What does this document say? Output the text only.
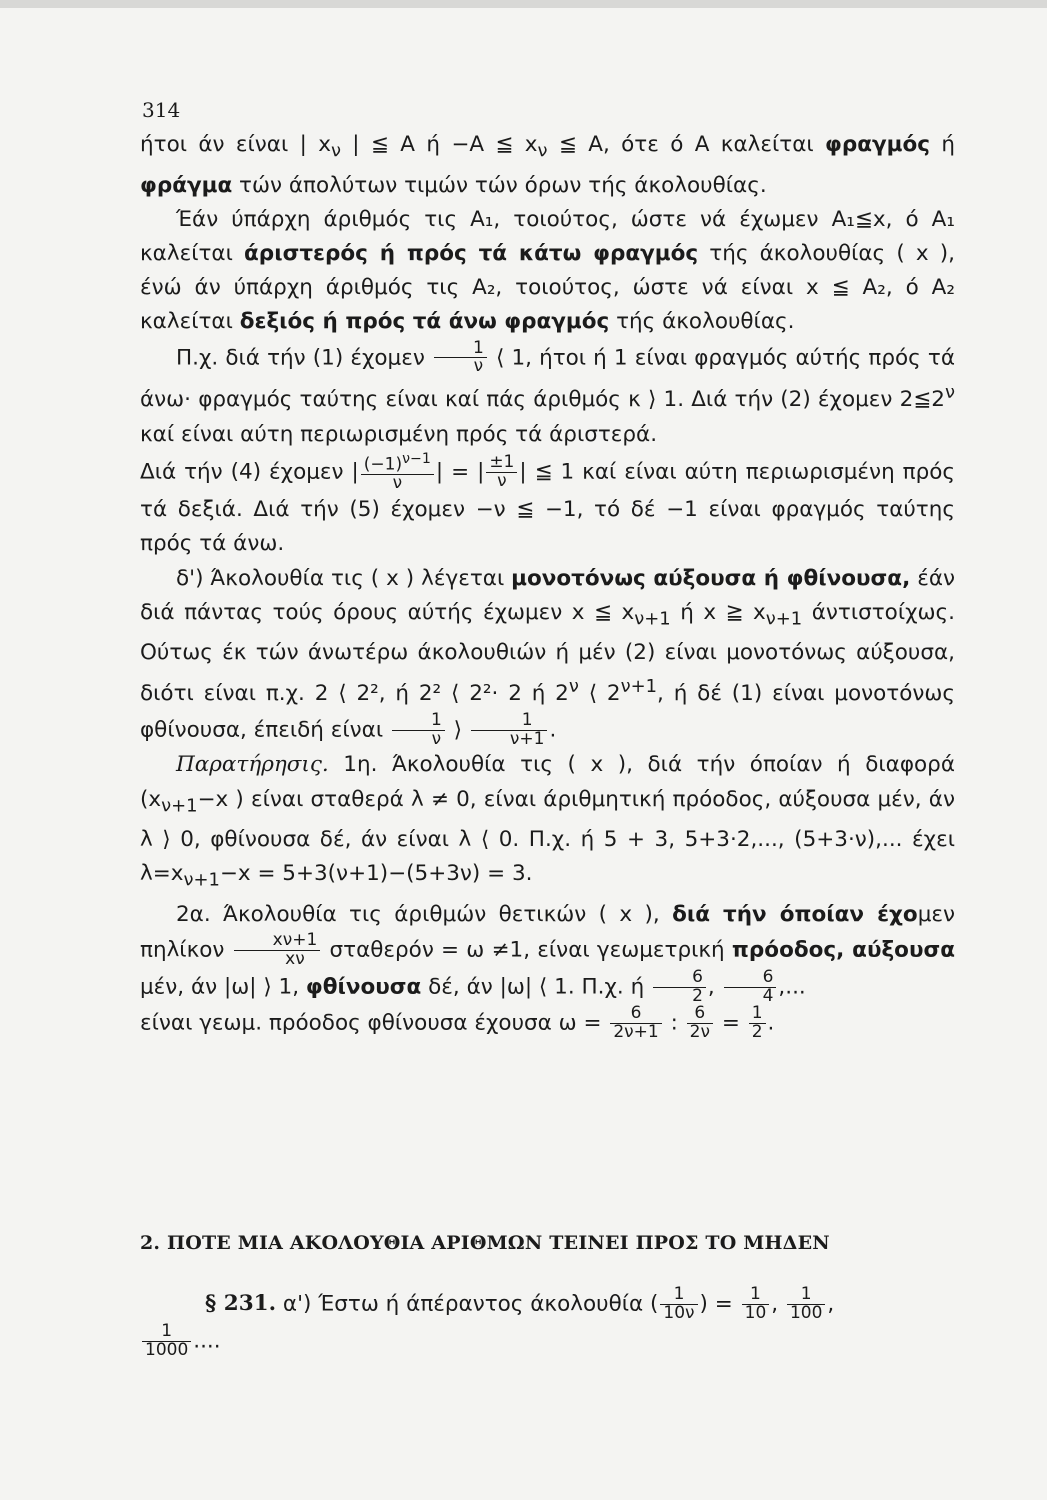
314

ήτοι άν είναι | $x_\nu$ | ≦ A ή −A ≦ $x_\nu$ ≦ A, ότε ό A καλείται φραγμός ή φράγμα τών άπολύτων τιμών τών όρων τής άκολουθίας.

Έάν ύπάρχη άριθμός τις A₁, τοιούτος, ώστε νά έχωμεν A₁≦x, ό A₁ καλείται άριστερός ή πρός τά κάτω φραγμός τής άκολουθίας ( x ), ένώ άν ύπάρχη άριθμός τις A₂, τοιούτος, ώστε νά είναι x ≦ A₂, ό A₂ καλείται δεξιός ή πρός τά άνω φραγμός τής άκολουθίας.

Π.χ. διά τήν (1) έχομεν $\frac{1}{\nu}$ ⟨ 1, ήτοι ή 1 είναι φραγμός αύτής πρός τά άνω· φραγμός ταύτης είναι καί πάς άριθμός κ ⟩ 1. Διά τήν (2) έχομεν $2≦2^\nu$ καί είναι αύτη περιωρισμένη πρός τά άριστερά.

Διά τήν (4) έχομεν | $\frac{(-1)^{\nu-1}}{\nu}$ | = | $\frac{\pm 1}{\nu}$ | ≦ 1 καί είναι αύτη περιωρισμένη πρός τά δεξιά. Διά τήν (5) έχομεν −ν ≦ −1, τό δέ −1 είναι φραγμός ταύτης πρός τά άνω.

δ') Άκολουθία τις ( x ) λέγεται μονοτόνως αύξουσα ή φθίνουσα, έάν διά πάντας τούς όρους αύτής έχωμεν x ≦ $x_{\nu+1}$ ή x ≧ $x_{\nu+1}$ άντιστοίχως. Ούτως έκ τών άνωτέρω άκολουθιών ή μέν (2) είναι μονοτόνως αύξουσα, διότι είναι π.χ. 2 ⟨ 2², ή 2² ⟨ 2²· 2 ή $2^\nu$ ⟨ $2^{\nu+1}$, ή δέ (1) είναι μονοτόνως φθίνουσα, έπειδή είναι $\frac{1}{\nu}$ ⟩ $\frac{1}{\nu+1}$ .

Παρατήρησις. 1η. Άκολουθία τις ( x ), διά τήν όποίαν ή διαφορά ($x_{\nu+1}-x$ ) είναι σταθερά λ ≠ 0, είναι άριθμητική πρόοδος, αύξουσα μέν, άν λ ⟩ 0, φθίνουσα δέ, άν είναι λ ⟨ 0. Π.χ. ή 5 + 3, 5+3·2,..., (5+3·ν),... έχει $\lambda=x_{\nu+1}-x = 5+3(\nu+1)-(5+3\nu) = 3$.

2α. Άκολουθία τις άριθμών θετικών ( x ), διά τήν όποίαν έχομεν πηλίκον $\frac{x\nu+1}{x\nu}$ σταθερόν = ω ≠1, είναι γεωμετρική πρόοδος, αύξουσα μέν, άν |ω| ⟩ 1, φθίνουσα δέ, άν |ω| ⟨ 1. Π.χ. ή $\frac{6}{2}$ , $\frac{6}{4}$ ,...

είναι γεωμ. πρόοδος φθίνουσα έχουσα $\omega = \frac{6}{2\nu+1}$ : $\frac{6}{2\nu} = \frac{1}{2}$ .

2. ΠΟΤΕ ΜΙΑ ΑΚΟΛΟΥΘΙΑ ΑΡΙΘΜΩΝ ΤΕΙΝΕΙ ΠΡΟΣ ΤΟ ΜΗΔΕΝ
§ 231. α') Έστω ή άπέραντος άκολουθία ( $\frac{1}{10\nu}$ ) = $\frac{1}{10}$ , $\frac{1}{100}$ ,

$\frac{1}{1000}$ ....
